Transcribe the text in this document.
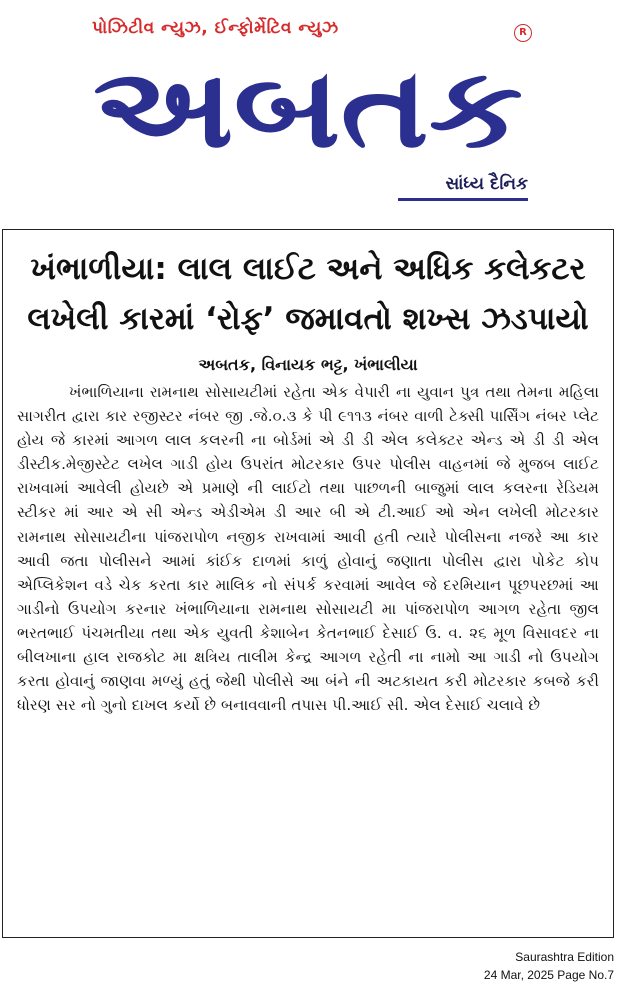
પોઝિટીવ ન્યુઝ, ઈન્ફોર્મેટિવ ન્યુઝ	R
અબતક
સાંધ્ય દૈનિક
ખંભાળીયા: લાલ લાઈટ અને અધિક કલેકટર
લખેલી કારમાં ‘રોફ’ જમાવતો શખ્સ ઝડપાયો
અબતક, વિનાયક ભટ્ટ, ખંભાલીયા
ખંભાળિયાના રામનાથ સોસાયટીમાં રહેતા એક વેપારી ના યુવાન પુત્ર તથા તેમના મહિલા સાગરીત દ્વારા કાર રજીસ્ટર નંબર જી .જે.૦.૩ કે પી ૯૧૧૩ નંબર વાળી ટેક્સી પાર્સિંગ નંબર પ્લેટ હોય જે કારમાં આગળ લાલ કલરની ના બોર્ડમાં એ ડી ડી એલ કલેક્ટર એન્ડ એ ડી ડી એલ ડીસ્ટીક.મેજીસ્ટેટ લખેલ ગાડી હોય ઉપરાંત મોટરકાર ઉપર પોલીસ વાહનમાં જે મુજબ લાઈટ રાખવામાં આવેલી હોયછે એ પ્રમાણે ની લાઈટો તથા પાછળની બાજુમાં લાલ કલરના રેડિયમ સ્ટીકર માં આર એ સી એન્ડ એડીએમ ડી આર બી એ ટી.આઈ ઓ એન લખેલી મોટરકાર રામનાથ સોસાયટીના પાંજરાપોળ નજીક રાખવામાં આવી હતી ત્યારે પોલીસના નજરે આ કાર આવી જતા પોલીસને આમાં કાંઈક દાળમાં કાળું હોવાનું જણાતા પોલીસ દ્વારા પોકેટ કોપ એપ્લિકેશન વડે ચેક કરતા કાર માલિક નો સંપર્ક કરવામાં આવેલ જે દરમિયાન પૂછપરછમાં આ ગાડીનો ઉપયોગ કરનાર ખંભાળિયાના રામનાથ સોસાયટી મા પાંજરાપોળ આગળ રહેતા જીલ ભરતભાઈ પંચમતીયા તથા એક યુવતી કેશાબેન કેતનભાઈ દેસાઈ ઉ. વ. ૨૬ મૂળ વિસાવદર ના બીલખાના હાલ રાજકોટ મા ક્ષત્રિય તાલીમ કેન્દ્ર આગળ રહેતી ના નામો આ ગાડી નો ઉપયોગ કરતા હોવાનું જાણવા મળ્યું હતું જેથી પોલીસે આ બંને ની અટકાયત કરી મોટરકાર કબજે કરી ધોરણ સર નો ગુનો દાખલ કર્યો છે બનાવવાની તપાસ પી.આઈ સી. એલ દેસાઈ ચલાવે છે
Saurashtra Edition
24 Mar, 2025 Page No.7
